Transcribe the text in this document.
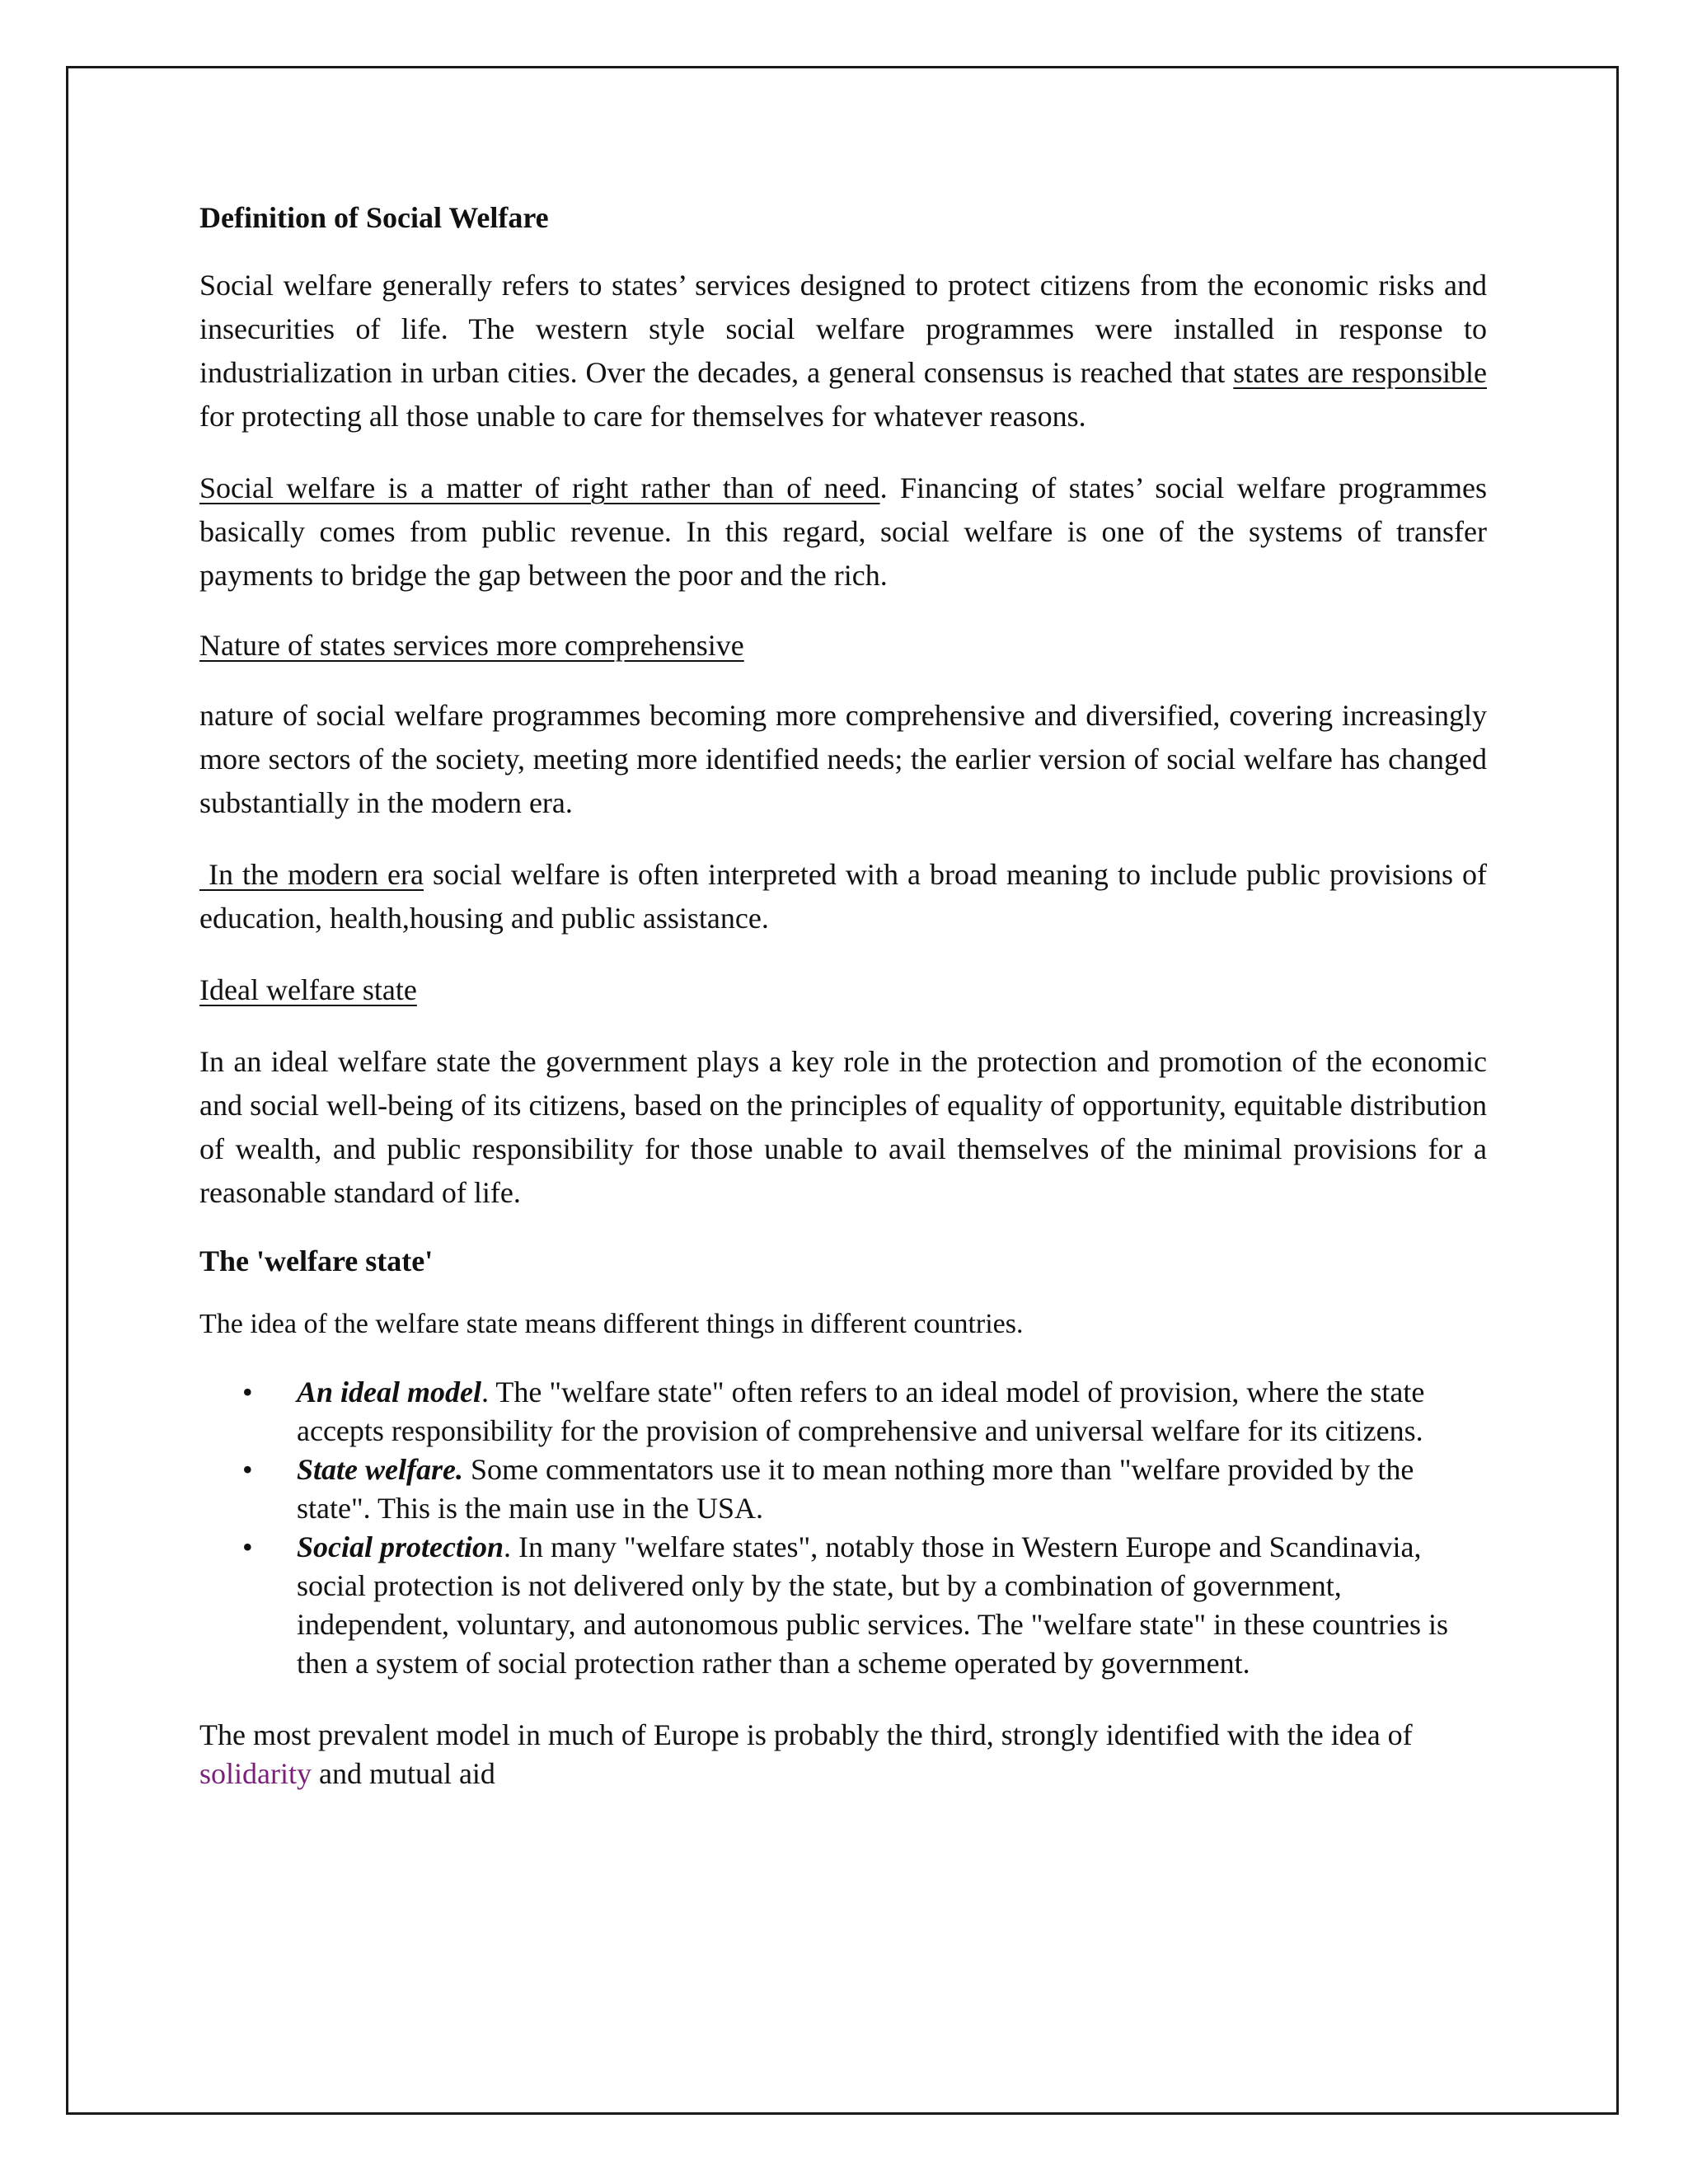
Definition of Social Welfare

Social welfare generally refers to states’ services designed to protect citizens from the economic risks and insecurities of life. The western style social welfare programmes were installed in response to industrialization in urban cities. Over the decades, a general consensus is reached that states are responsible for protecting all those unable to care for themselves for whatever reasons.

Social welfare is a matter of right rather than of need. Financing of states’ social welfare programmes basically comes from public revenue. In this regard, social welfare is one of the systems of transfer payments to bridge the gap between the poor and the rich.

Nature of states services more comprehensive

nature of social welfare programmes becoming more comprehensive and diversified, covering increasingly more sectors of the society, meeting more identified needs; the earlier version of social welfare has changed substantially in the modern era.

In the modern era social welfare is often interpreted with a broad meaning to include public provisions of education, health,housing and public assistance.

Ideal welfare state

In an ideal welfare state the government plays a key role in the protection and promotion of the economic and social well-being of its citizens, based on the principles of equality of opportunity, equitable distribution of wealth, and public responsibility for those unable to avail themselves of the minimal provisions for a reasonable standard of life.

The 'welfare state'

The idea of the welfare state means different things in different countries.

• An ideal model. The "welfare state" often refers to an ideal model of provision, where the state accepts responsibility for the provision of comprehensive and universal welfare for its citizens.
• State welfare. Some commentators use it to mean nothing more than "welfare provided by the state". This is the main use in the USA.
• Social protection. In many "welfare states", notably those in Western Europe and Scandinavia, social protection is not delivered only by the state, but by a combination of government, independent, voluntary, and autonomous public services. The "welfare state" in these countries is then a system of social protection rather than a scheme operated by government.

The most prevalent model in much of Europe is probably the third, strongly identified with the idea of solidarity and mutual aid
